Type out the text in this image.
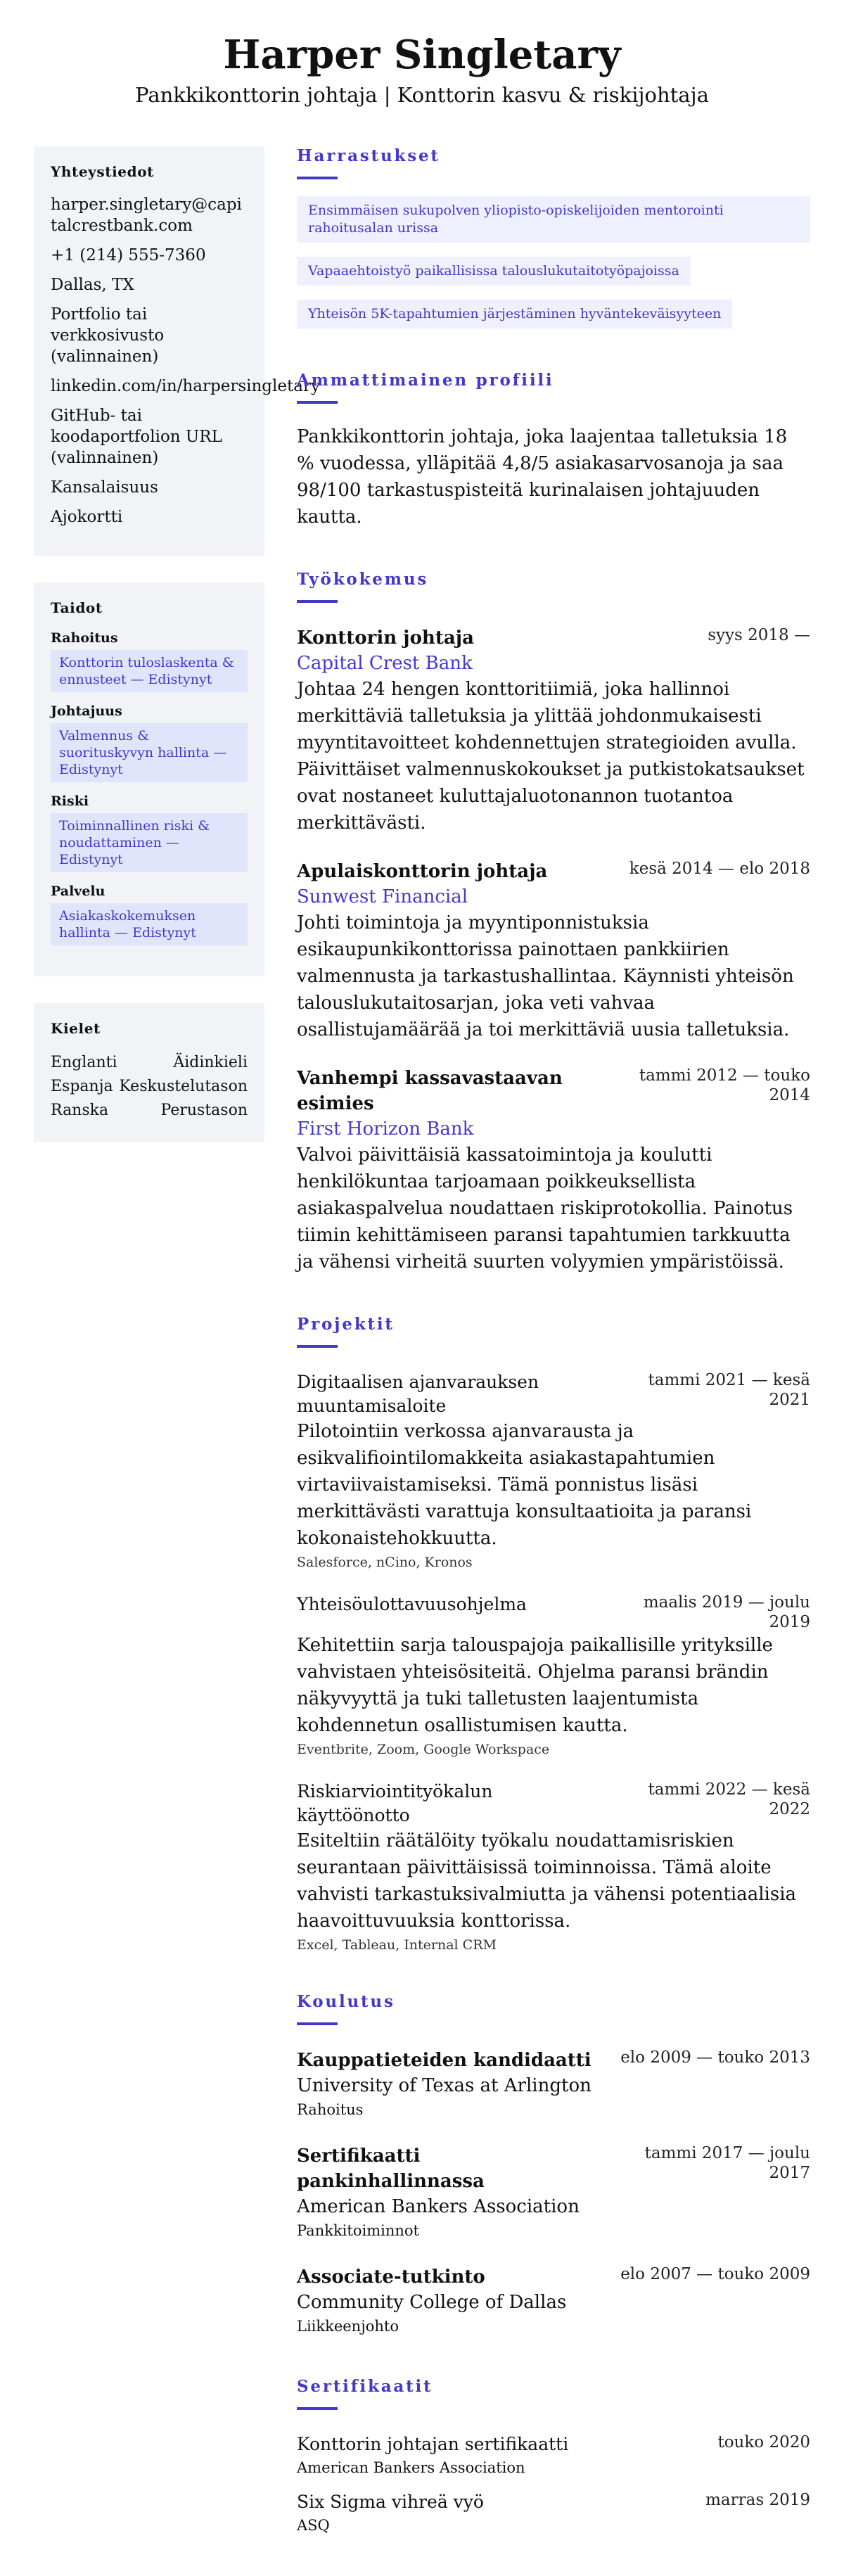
Harper Singletary
Pankkikonttorin johtaja | Konttorin kasvu & riskijohtaja
Yhteystiedot
harper.singletary@capitalcrestbank.com
+1 (214) 555-7360
Dallas, TX
Portfolio tai verkkosivusto (valinnainen)
linkedin.com/in/harpersingletary
GitHub- tai koodaportfolion URL (valinnainen)
Kansalaisuus
Ajokortti
Taidot
Rahoitus
Konttorin tuloslaskenta & ennusteet — Edistynyt
Johtajuus
Valmennus & suorituskyvyn hallinta — Edistynyt
Riski
Toiminnallinen riski & noudattaminen — Edistynyt
Palvelu
Asiakaskokemuksen hallinta — Edistynyt
Kielet
Englanti	Äidinkieli
Espanja Keskustelutason
Ranska	Perustason
Harrastukset
Ensimmäisen sukupolven yliopisto-opiskelijoiden mentorointi rahoitusalan urissa Vapaaehtoistyö paikallisissa talouslukutaitotyöpajoissa
Yhteisön 5K-tapahtumien järjestäminen hyväntekeväisyyteen
Ammattimainen profiili
Pankkikonttorin johtaja, joka laajentaa talletuksia 18 % vuodessa, ylläpitää 4,8/5 asiakasarvosanoja ja saa 98/100 tarkastuspisteitä kurinalaisen johtajuuden kautta.
Työkokemus
Konttorin johtaja	syys 2018 —
Capital Crest Bank
Johtaa 24 hengen konttoritiimiä, joka hallinnoi merkittäviä talletuksia ja ylittää johdonmukaisesti myyntitavoitteet kohdennettujen strategioiden avulla. Päivittäiset valmennuskokoukset ja putkistokatsaukset ovat nostaneet kuluttajaluotonannon tuotantoa merkittävästi.
Apulaiskonttorin johtaja	kesä 2014 — elo 2018
Sunwest Financial
Johti toimintoja ja myyntiponnistuksia esikaupunkikonttorissa painottaen pankkiirien valmennusta ja tarkastushallintaa. Käynnisti yhteisön talouslukutaitosarjan, joka veti vahvaa osallistujamäärää ja toi merkittäviä uusia talletuksia.
Vanhempi kassavastaavan esimies
tammi 2012 — touko 2014
First Horizon Bank
Valvoi päivittäisiä kassatoimintoja ja koulutti henkilökuntaa tarjoamaan poikkeuksellista asiakaspalvelua noudattaen riskiprotokollia. Painotus tiimin kehittämiseen paransi tapahtumien tarkkuutta ja vähensi virheitä suurten volyymien ympäristöissä.
Projektit
Digitaalisen ajanvarauksen muuntamisaloite
tammi 2021 — kesä 2021
Pilotointiin verkossa ajanvarausta ja esikvalifiointilomakkeita asiakastapahtumien virtaviivaistamiseksi. Tämä ponnistus lisäsi merkittävästi varattuja konsultaatioita ja paransi kokonaistehokkuutta.
Salesforce, nCino, Kronos
Yhteisöulottavuusohjelma	maalis 2019 — joulu 2019
Kehitettiin sarja talouspajoja paikallisille yrityksille vahvistaen yhteisösiteitä. Ohjelma paransi brändin näkyvyyttä ja tuki talletusten laajentumista kohdennetun osallistumisen kautta.
Eventbrite, Zoom, Google Workspace
Riskiarviointityökalun käyttöönotto
tammi 2022 — kesä 2022
Esiteltiin räätälöity työkalu noudattamisriskien seurantaan päivittäisissä toiminnoissa. Tämä aloite vahvisti tarkastuksivalmiutta ja vähensi potentiaalisia haavoittuvuuksia konttorissa.
Excel, Tableau, Internal CRM
Koulutus
Kauppatieteiden kandidaatti	elo 2009 — touko 2013
University of Texas at Arlington
Rahoitus
Sertifikaatti pankinhallinnassa
tammi 2017 — joulu 2017
American Bankers Association
Pankkitoiminnot
Associate-tutkinto	elo 2007 — touko 2009
Community College of Dallas
Liikkeenjohto
Sertifikaatit
Konttorin johtajan sertifikaatti	touko 2020
American Bankers Association
Six Sigma vihreä vyö	marras 2019
ASQ
